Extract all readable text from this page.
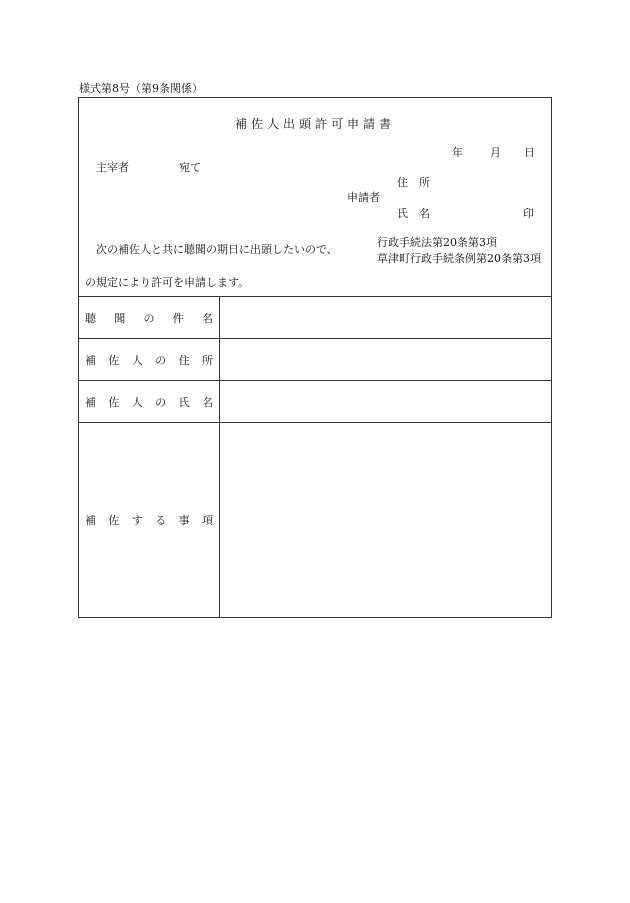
様式第8号（第9条関係）
補佐人出頭許可申請書
年 月 日
主宰者	宛て
住　所
申請者
氏　名	印
次の補佐人と共に聴聞の期日に出頭したいので、
行政手続法第20条第3項
草津町行政手続条例第20条第3項
の規定により許可を申請します。
聴 聞 の 件 名
補 佐 人 の 住 所
補 佐 人 の 氏 名
補 佐 す る 事 項
